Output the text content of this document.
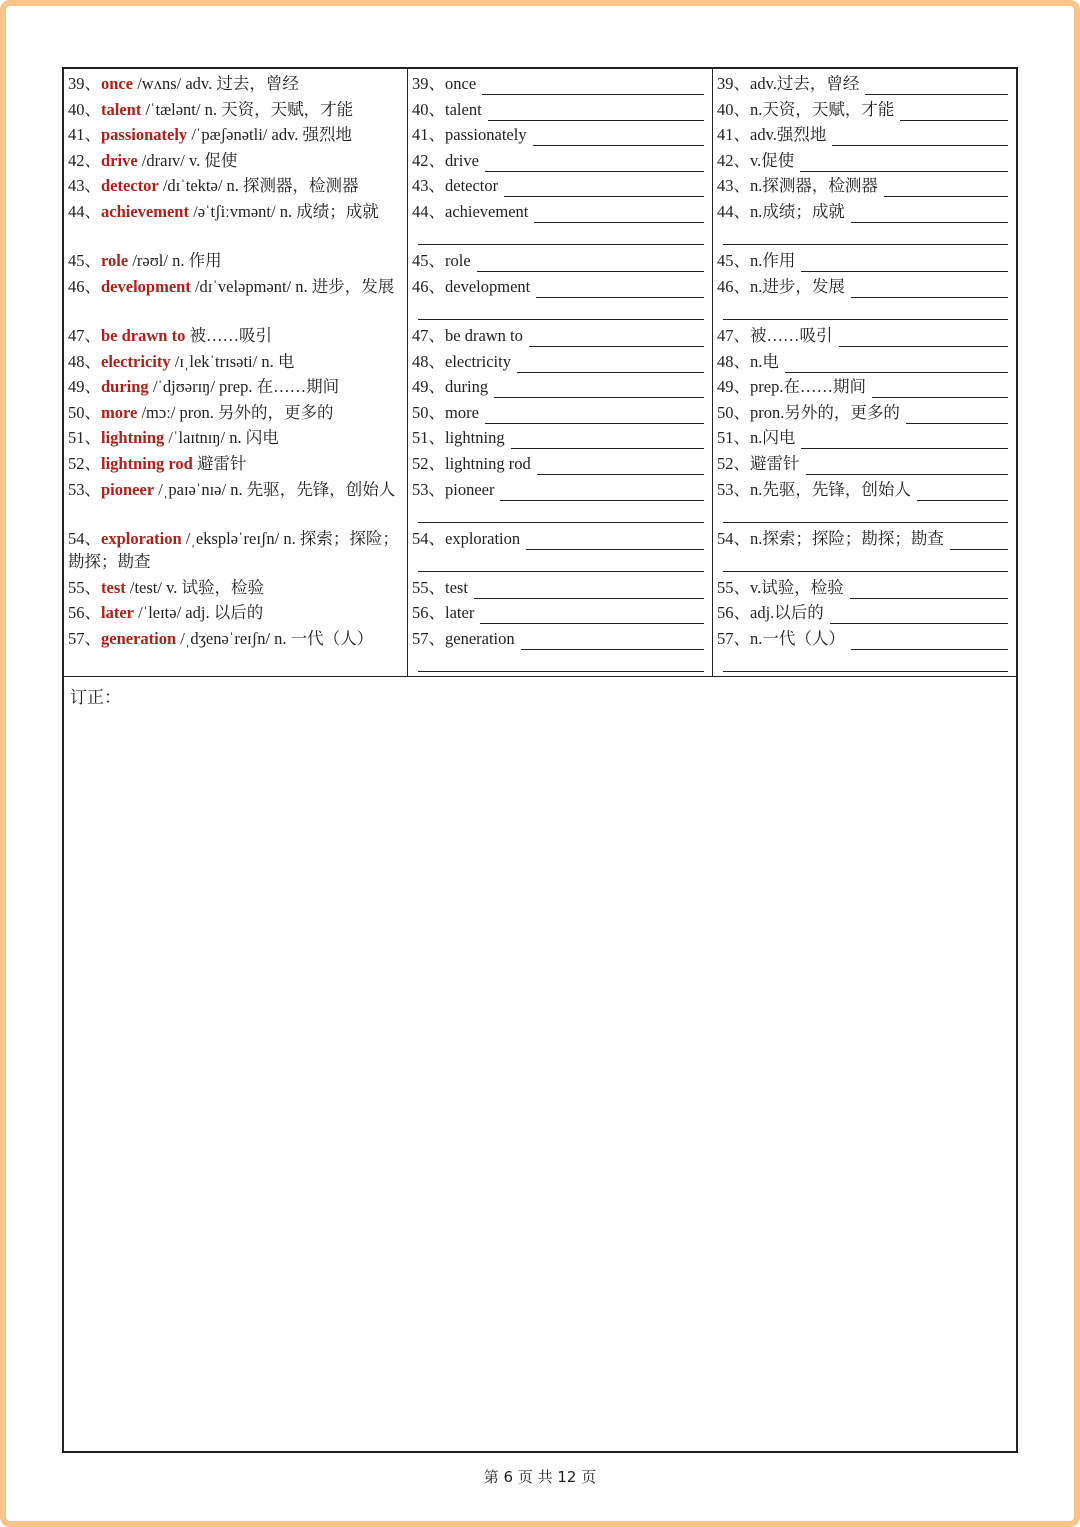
39、once /wʌns/ adv. 过去，曾经
40、talent /ˈtælənt/ n. 天资，天赋，才能
41、passionately /ˈpæʃənətli/ adv. 强烈地
42、drive /draɪv/ v. 促使
43、detector /dɪˈtektə/ n. 探测器，检测器
44、achievement /əˈtʃiːvmənt/ n. 成绩；成就
45、role /rəʊl/ n. 作用
46、development /dɪˈveləpmənt/ n. 进步，发展
47、be drawn to 被……吸引
48、electricity /ɪˌlekˈtrɪsəti/ n. 电
49、during /ˈdjʊərɪŋ/ prep. 在……期间
50、more /mɔː/ pron. 另外的，更多的
51、lightning /ˈlaɪtnɪŋ/ n. 闪电
52、lightning rod 避雷针
53、pioneer /ˌpaɪəˈnɪə/ n. 先驱，先锋，创始人
54、exploration /ˌekspləˈreɪʃn/ n. 探索；探险；勘探；勘查
55、test /test/ v. 试验，检验
56、later /ˈleɪtə/ adj. 以后的
57、generation /ˌdʒenəˈreɪʃn/ n. 一代（人）
39、 once
40、 talent
41、 passionately
42、 drive
43、 detector
44、 achievement
45、 role
46、 development
47、 be drawn to
48、 electricity
49、 during
50、 more
51、 lightning
52、 lightning rod
53、 pioneer
54、 exploration
55、 test
56、 later
57、 generation
39、 adv.过去，曾经
40、 n.天资，天赋，才能
41、 adv.强烈地
42、 v.促使
43、 n.探测器，检测器
44、 n.成绩；成就
45、 n.作用
46、 n.进步，发展
47、 被……吸引
48、 n.电
49、 prep.在……期间
50、 pron.另外的，更多的
51、 n.闪电
52、 避雷针
53、 n.先驱，先锋，创始人
54、 n.探索；探险；勘探；勘查
55、 v.试验，检验
56、 adj.以后的
57、 n.一代（人）
订正：
第 6 页 共 12 页
